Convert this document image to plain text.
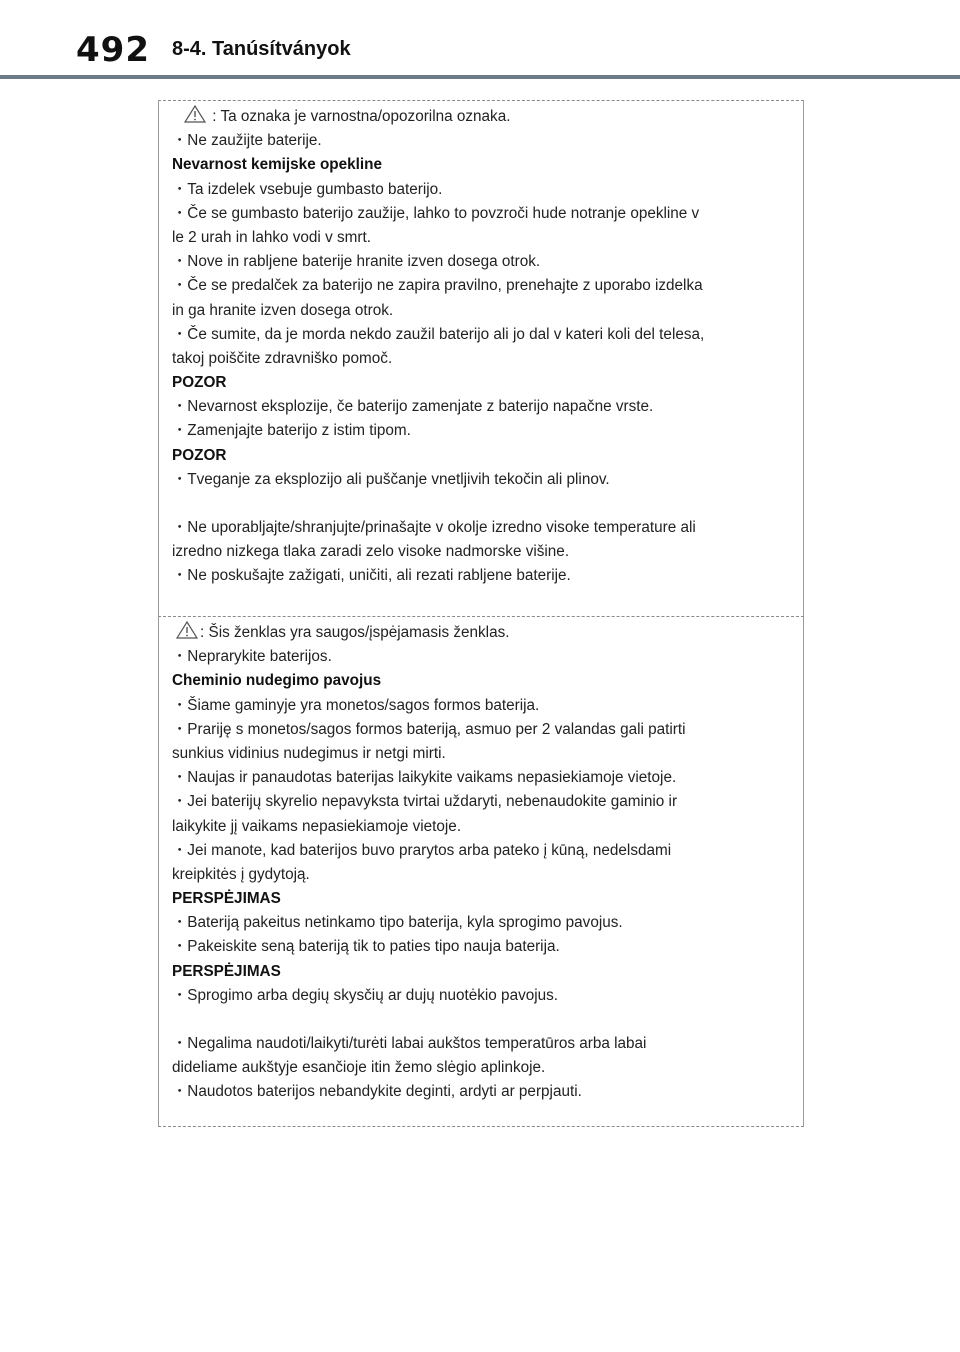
492 8-4. Tanúsítványok
: Ta oznaka je varnostna/opozorilna oznaka.
・Ne zaužijte baterije.
Nevarnost kemijske opekline
・Ta izdelek vsebuje gumbasto baterijo.
・Če se gumbasto baterijo zaužije, lahko to povzroči hude notranje opekline v
le 2 urah in lahko vodi v smrt.
・Nove in rabljene baterije hranite izven dosega otrok.
・Če se predalček za baterijo ne zapira pravilno, prenehajte z uporabo izdelka
in ga hranite izven dosega otrok.
・Če sumite, da je morda nekdo zaužil baterijo ali jo dal v kateri koli del telesa,
takoj poiščite zdravniško pomoč.
POZOR
・Nevarnost eksplozije, če baterijo zamenjate z baterijo napačne vrste.
・Zamenjajte baterijo z istim tipom.
POZOR
・Tveganje za eksplozijo ali puščanje vnetljivih tekočin ali plinov.
・Ne uporabljajte/shranjujte/prinašajte v okolje izredno visoke temperature ali
izredno nizkega tlaka zaradi zelo visoke nadmorske višine.
・Ne poskušajte zažigati, uničiti, ali rezati rabljene baterije.
: Šis ženklas yra saugos/įspėjamasis ženklas.
・Neprarykite baterijos.
Cheminio nudegimo pavojus
・Šiame gaminyje yra monetos/sagos formos baterija.
・Prariję s monetos/sagos formos bateriją, asmuo per 2 valandas gali patirti
sunkius vidinius nudegimus ir netgi mirti.
・Naujas ir panaudotas baterijas laikykite vaikams nepasiekiamoje vietoje.
・Jei baterijų skyrelio nepavyksta tvirtai uždaryti, nebenaudokite gaminio ir
laikykite jį vaikams nepasiekiamoje vietoje.
・Jei manote, kad baterijos buvo prarytos arba pateko į kūną, nedelsdami
kreipkitės į gydytoją.
PERSPĖJIMAS
・Bateriją pakeitus netinkamo tipo baterija, kyla sprogimo pavojus.
・Pakeiskite seną bateriją tik to paties tipo nauja baterija.
PERSPĖJIMAS
・Sprogimo arba degių skysčių ar dujų nuotėkio pavojus.
・Negalima naudoti/laikyti/turėti labai aukštos temperatūros arba labai
dideliame aukštyje esančioje itin žemo slėgio aplinkoje.
・Naudotos baterijos nebandykite deginti, ardyti ar perpjauti.
